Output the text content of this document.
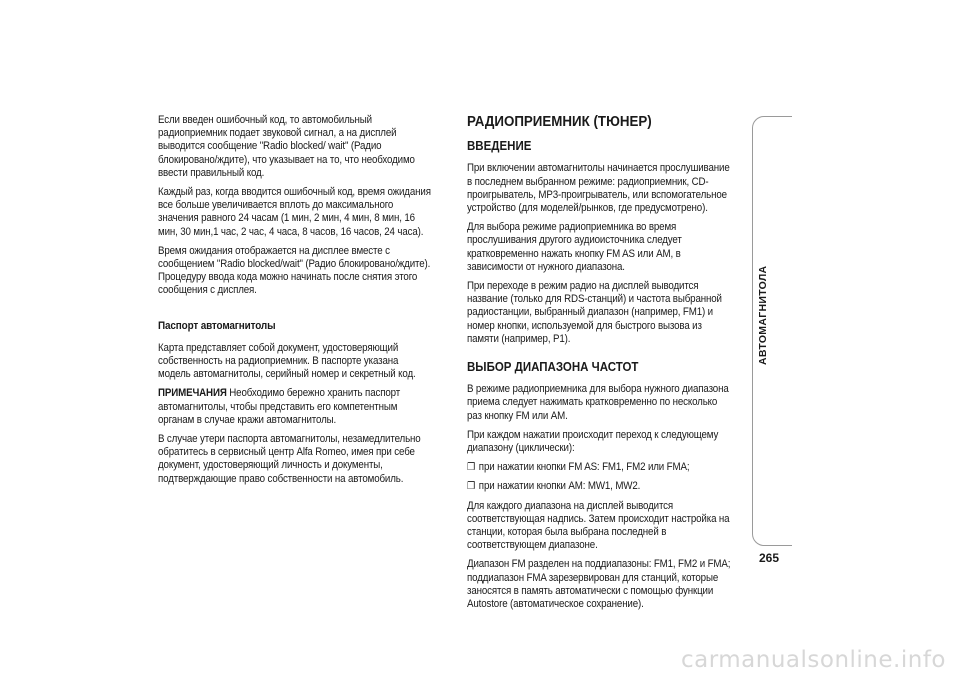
Если введен ошибочный код, то автомобильный радиоприемник подает звуковой сигнал, а на дисплей выводится сообщение "Radio blocked/ wait" (Радио блокировано/ждите), что указывает на то, что необходимо ввести правильный код.

Каждый раз, когда вводится ошибочный код, время ожидания все больше увеличивается вплоть до максимального значения равного 24 часам (1 мин, 2 мин, 4 мин, 8 мин, 16 мин, 30 мин,1 час, 2 час, 4 часа, 8 часов, 16 часов, 24 часа).

Время ожидания отображается на дисплее вместе с сообщением "Radio blocked/wait" (Радио блокировано/ждите). Процедуру ввода кода можно начинать после снятия этого сообщения с дисплея.

Паспорт автомагнитолы

Карта представляет собой документ, удостоверяющий собственность на радиоприемник. В паспорте указана модель автомагнитолы, серийный номер и секретный код.

ПРИМЕЧАНИЯ Необходимо бережно хранить паспорт автомагнитолы, чтобы представить его компетентным органам в случае кражи автомагнитолы.

В случае утери паспорта автомагнитолы, незамедлительно обратитесь в сервисный центр Alfa Romeo, имея при себе документ, удостоверяющий личность и документы, подтверждающие право собственности на автомобиль.

РАДИОПРИЕМНИК (ТЮНЕР)
ВВЕДЕНИЕ

При включении автомагнитолы начинается прослушивание в последнем выбранном режиме: радиоприемник, CD-проигрыватель, MP3-проигрыватель, или вспомогательное устройство (для моделей/рынков, где предусмотрено).

Для выбора режиме радиоприемника во время прослушивания другого аудиоисточника следует кратковременно нажать кнопку FM AS или AM, в зависимости от нужного диапазона.

При переходе в режим радио на дисплей выводится название (только для RDS-станций) и частота выбранной радиостанции, выбранный диапазон (например, FM1) и номер кнопки, используемой для быстрого вызова из памяти (например, P1).

ВЫБОР ДИАПАЗОНА ЧАСТОТ

В режиме радиоприемника для выбора нужного диапазона приема следует нажимать кратковременно по несколько раз кнопку FM или AM.

При каждом нажатии происходит переход к следующему диапазону (циклически):

❒ при нажатии кнопки FM AS: FM1, FM2 или FMA;
❒ при нажатии кнопки AM: MW1, MW2.

Для каждого диапазона на дисплей выводится соответствующая надпись. Затем происходит настройка на станции, которая была выбрана последней в соответствующем диапазоне.

Диапазон FM разделен на поддиапазоны: FM1, FM2 и FMA; поддиапазон FMA зарезервирован для станций, которые заносятся в память автоматически с помощью функции Autostore (автоматическое сохранение).

АВТОМАГНИТОЛА
265
carmanualsonline.info
